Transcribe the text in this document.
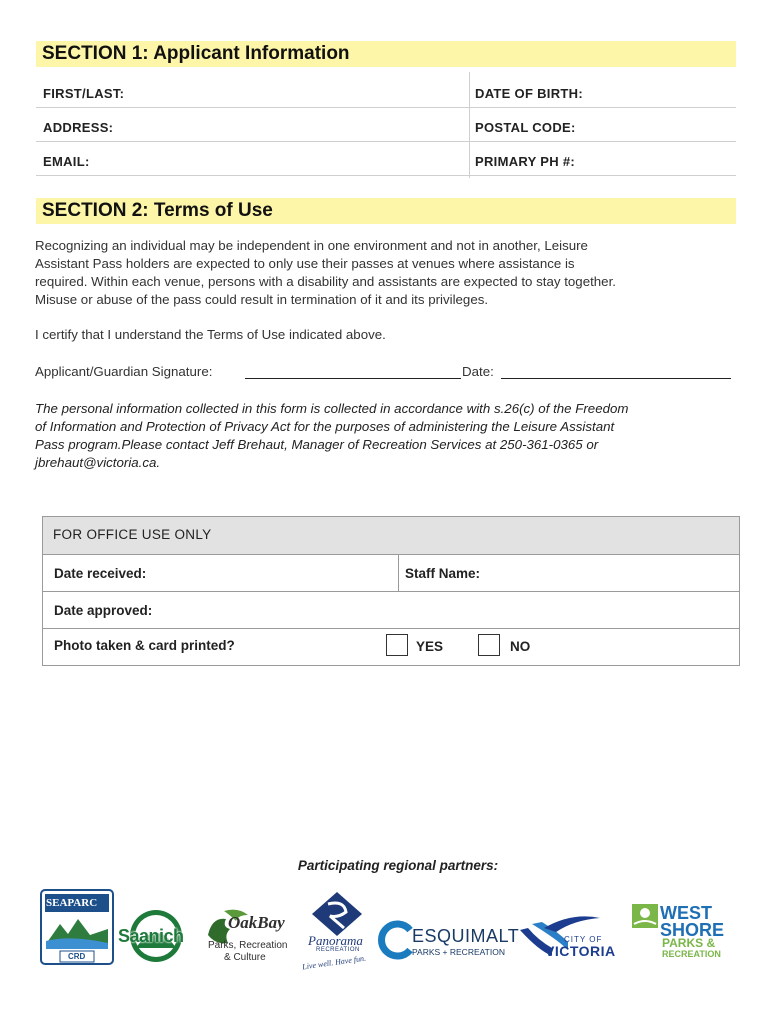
SECTION 1: Applicant Information
FIRST/LAST:	DATE OF BIRTH:
ADDRESS:	POSTAL CODE:
EMAIL:	PRIMARY PH #:
SECTION 2: Terms of Use
Recognizing an individual may be independent in one environment and not in another, Leisure
Assistant Pass holders are expected to only use their passes at venues where assistance is
required. Within each venue, persons with a disability and assistants are expected to stay together.
Misuse or abuse of the pass could result in termination of it and its privileges.
I certify that I understand the Terms of Use indicated above.
Applicant/Guardian Signature:	Date:
The personal information collected in this form is collected in accordance with s.26(c) of the Freedom
of Information and Protection of Privacy Act for the purposes of administering the Leisure Assistant
Pass program.Please contact Jeff Brehaut, Manager of Recreation Services at 250-361-0365 or
jbrehaut@victoria.ca.
FOR OFFICE USE ONLY
Date received:	Staff Name:
Date approved:
Photo taken & card printed?	YES	NO
Participating regional partners:
SEAPARC
CRD
Saanich
OakBay
Parks, Recreation
& Culture
Panorama
RECREATION
Live well. Have fun.
ESQUIMALT
PARKS + RECREATION
CITY OF
VICTORIA
WEST
SHORE
PARKS &
RECREATION
